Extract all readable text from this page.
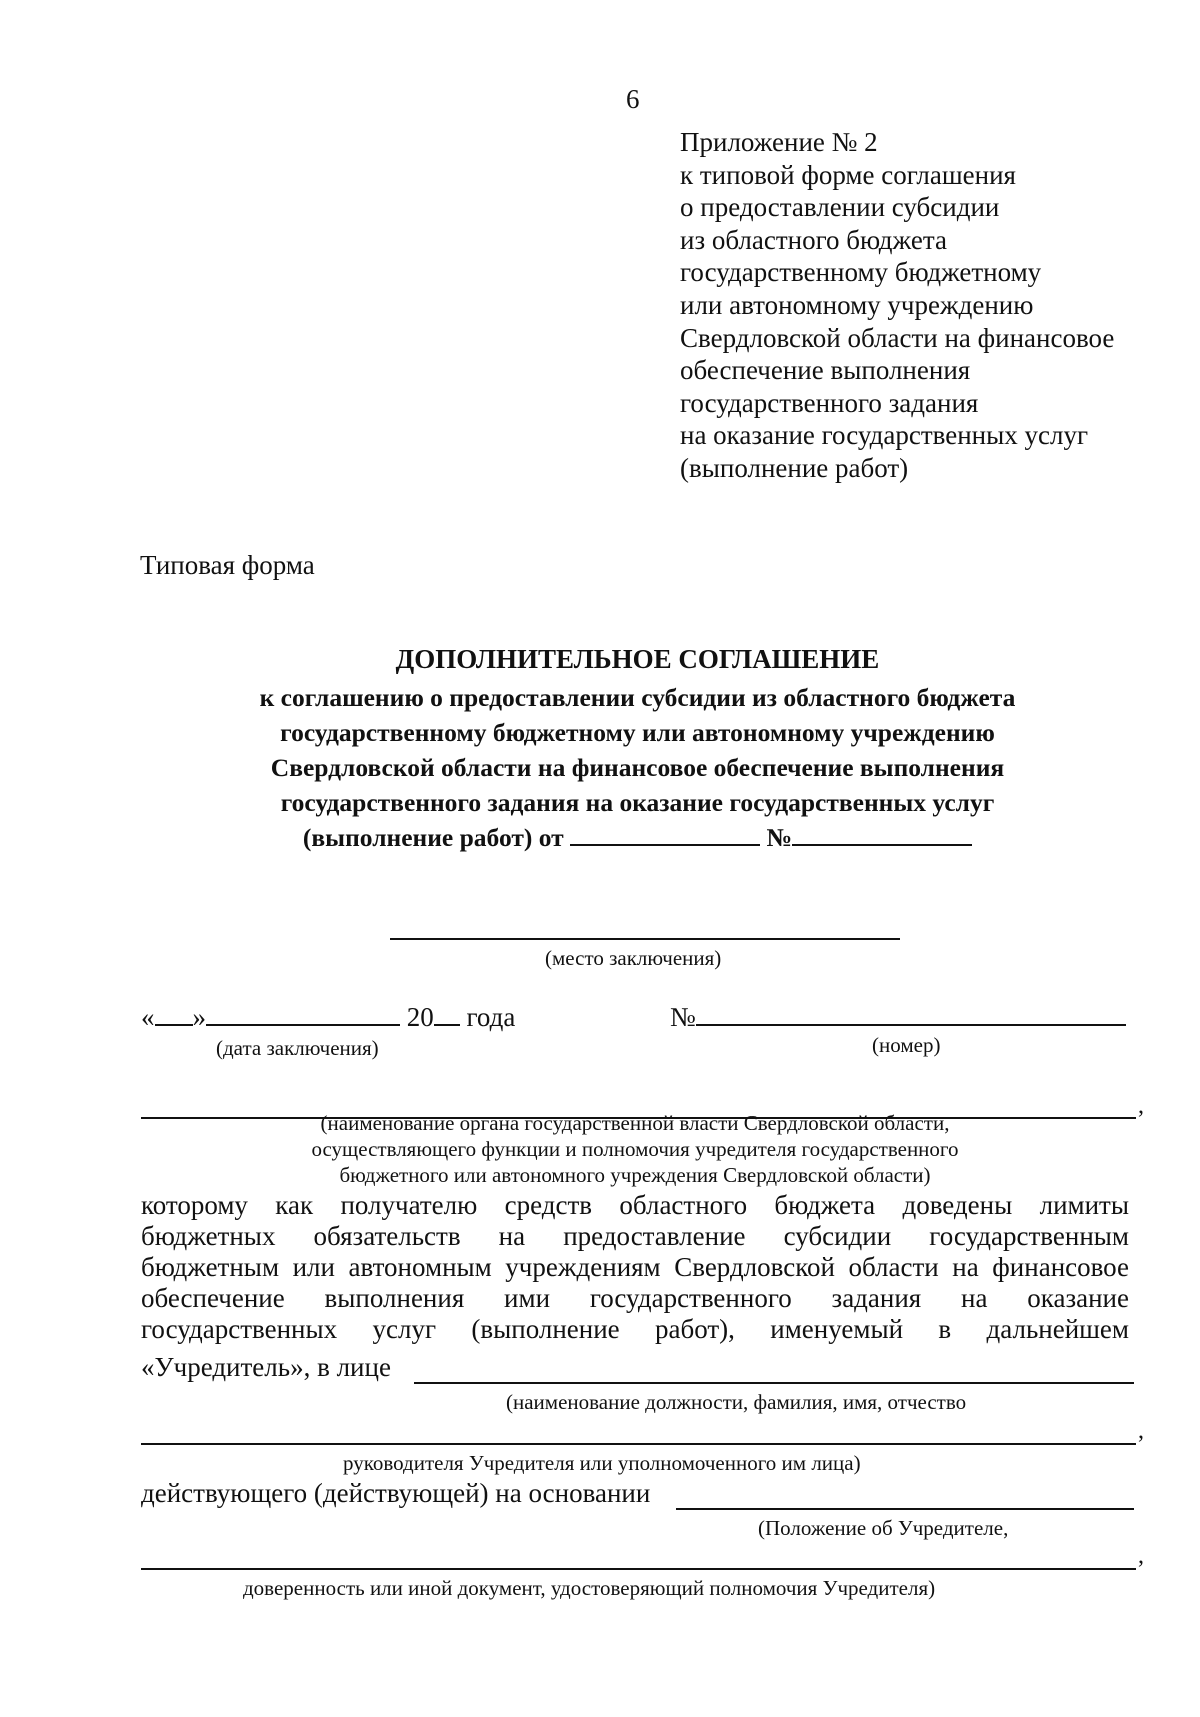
6
Приложение № 2
к типовой форме соглашения
о предоставлении субсидии
из областного бюджета
государственному бюджетному
или автономному учреждению
Свердловской области на финансовое
обеспечение выполнения
государственного задания
на оказание государственных услуг
(выполнение работ)
Типовая форма
ДОПОЛНИТЕЛЬНОЕ СОГЛАШЕНИЕ
к соглашению о предоставлении субсидии из областного бюджета
государственному бюджетному или автономному учреждению
Свердловской области на финансовое обеспечение выполнения
государственного задания на оказание государственных услуг
(выполнение работ) от	№
(место заключения)
« »	20 года	№
(дата заключения)	(номер)
,
(наименование органа государственной власти Свердловской области,
осуществляющего функции и полномочия учредителя государственного
бюджетного или автономного учреждения Свердловской области)
которому как получателю средств областного бюджета доведены лимиты
бюджетных обязательств на предоставление субсидии государственным
бюджетным или автономным учреждениям Свердловской области на финансовое
обеспечение выполнения ими государственного задания на оказание
государственных услуг (выполнение работ), именуемый в дальнейшем
«Учредитель», в лице
(наименование должности, фамилия, имя, отчество
,
руководителя Учредителя или уполномоченного им лица)
действующего (действующей) на основании
(Положение об Учредителе,
,
доверенность или иной документ, удостоверяющий полномочия Учредителя)
